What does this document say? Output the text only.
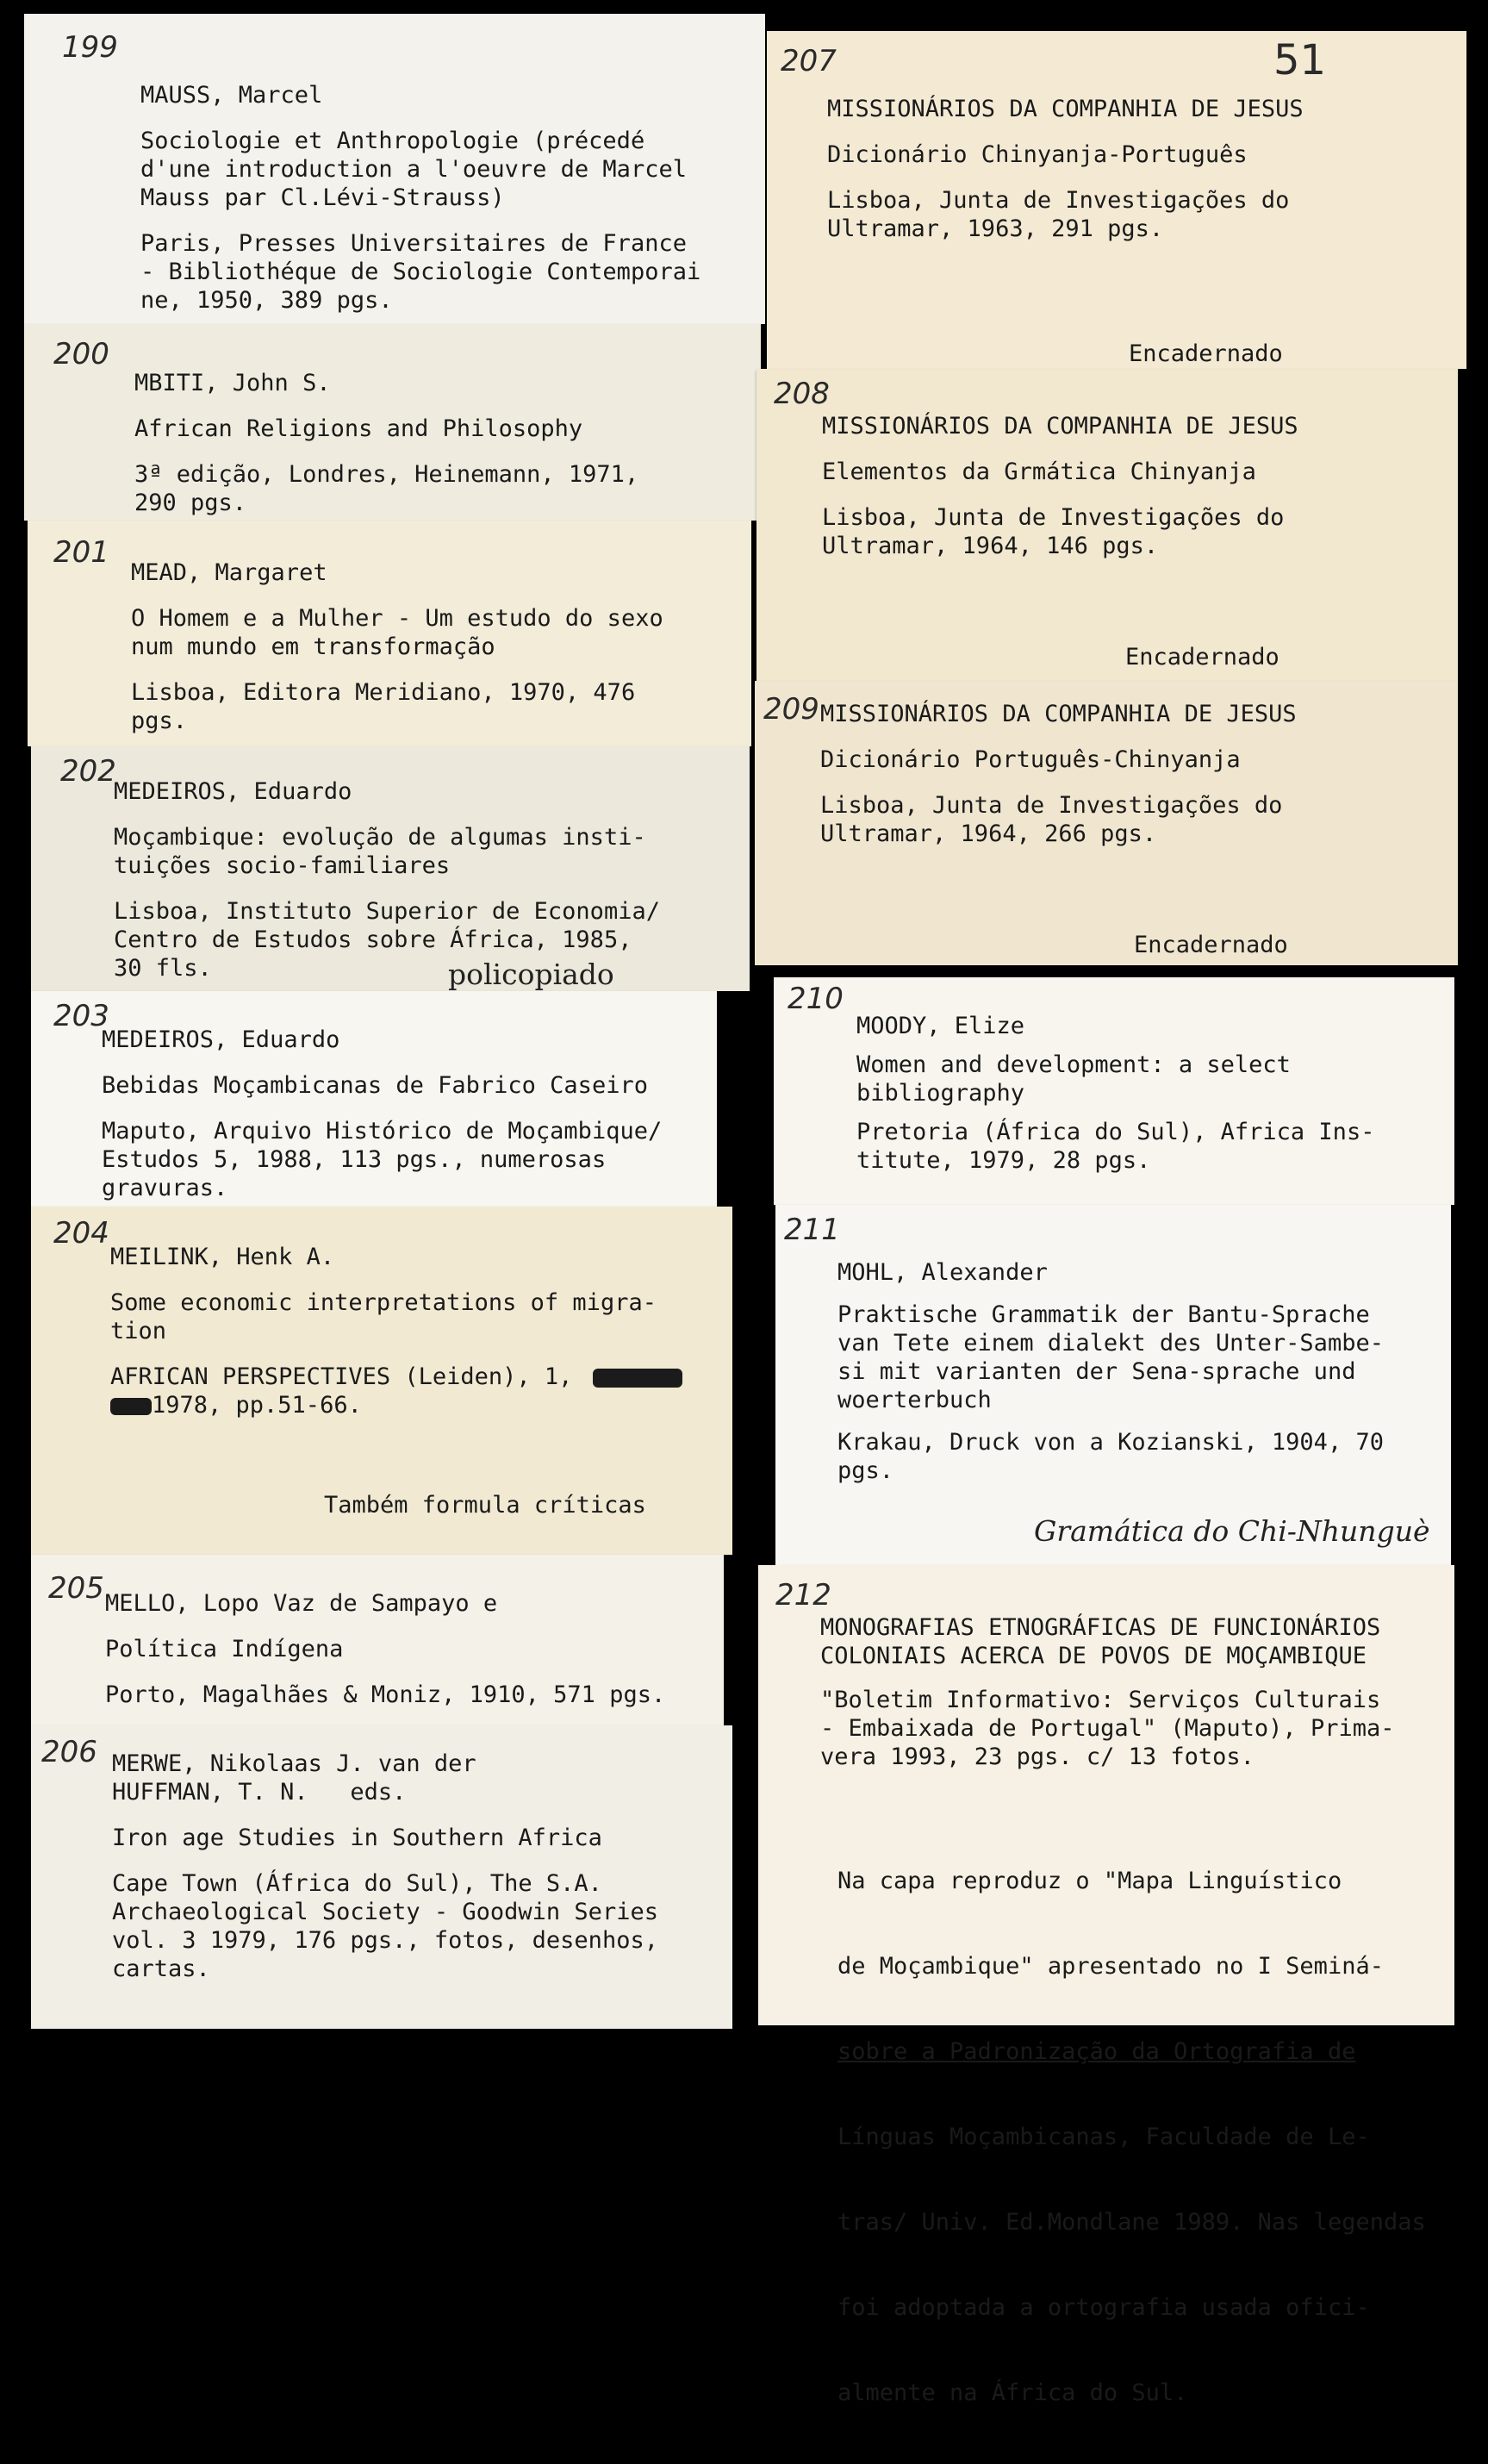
199
MAUSS, Marcel
Sociologie et Anthropologie (précedé
d'une introduction a l'oeuvre de Marcel
Mauss par Cl.Lévi-Strauss)
Paris, Presses Universitaires de France
- Bibliothéque de Sociologie Contemporai
ne, 1950, 389 pgs.
200
MBITI, John S.
African Religions and Philosophy
3ª edição, Londres, Heinemann, 1971,
290 pgs.
201
MEAD, Margaret
O Homem e a Mulher - Um estudo do sexo
num mundo em transformação
Lisboa, Editora Meridiano, 1970, 476
pgs.
202
MEDEIROS, Eduardo
Moçambique: evolução de algumas insti-
tuições socio-familiares
Lisboa, Instituto Superior de Economia/
Centro de Estudos sobre África, 1985,
30 fls.	policopiado
203
MEDEIROS, Eduardo
Bebidas Moçambicanas de Fabrico Caseiro
Maputo, Arquivo Histórico de Moçambique/
Estudos 5, 1988, 113 pgs., numerosas
gravuras.
204
MEILINK, Henk A.
Some economic interpretations of migra-
tion
AFRICAN PERSPECTIVES (Leiden), 1,
1978, pp.51-66.

Também formula críticas

205 MELLO, Lopo Vaz de Sampayo e
Política Indígena
Porto, Magalhães & Moniz, 1910, 571 pgs.
206 MERWE, Nikolaas J. van der
HUFFMAN, T. N.   eds.
Iron age Studies in Southern Africa
Cape Town (África do Sul), The S.A.
Archaeological Society - Goodwin Series
vol. 3 1979, 176 pgs., fotos, desenhos,
cartas.
207	51
MISSIONÁRIOS DA COMPANHIA DE JESUS
Dicionário Chinyanja-Português
Lisboa, Junta de Investigações do
Ultramar, 1963, 291 pgs.
Encadernado
208
MISSIONÁRIOS DA COMPANHIA DE JESUS
Elementos da Grmática Chinyanja
Lisboa, Junta de Investigações do
Ultramar, 1964, 146 pgs.
Encadernado
209 MISSIONÁRIOS DA COMPANHIA DE JESUS
Dicionário Português-Chinyanja
Lisboa, Junta de Investigações do
Ultramar, 1964, 266 pgs.
Encadernado
210
MOODY, Elize
Women and development: a select
bibliography
Pretoria (África do Sul), Africa Ins-
titute, 1979, 28 pgs.
211
MOHL, Alexander
Praktische Grammatik der Bantu-Sprache
van Tete einem dialekt des Unter-Sambe-
si mit varianten der Sena-sprache und
woerterbuch
Krakau, Druck von a Kozianski, 1904, 70
pgs.
Gramática do Chi-Nhunguè
212
MONOGRAFIAS ETNOGRÁFICAS DE FUNCIONÁRIOS
COLONIAIS ACERCA DE POVOS DE MOÇAMBIQUE
"Boletim Informativo: Serviços Culturais
- Embaixada de Portugal" (Maputo), Prima-
vera 1993, 23 pgs. c/ 13 fotos.

Na capa reproduz o "Mapa Linguístico

de Moçambique" apresentado no I Seminá-

sobre a Padronização da Ortografia de

Línguas Moçambicanas, Faculdade de Le-

tras/ Univ. Ed.Mondlane 1989. Nas legendas

foi adoptada a ortografia usada ofici-

almente na África do Sul.
